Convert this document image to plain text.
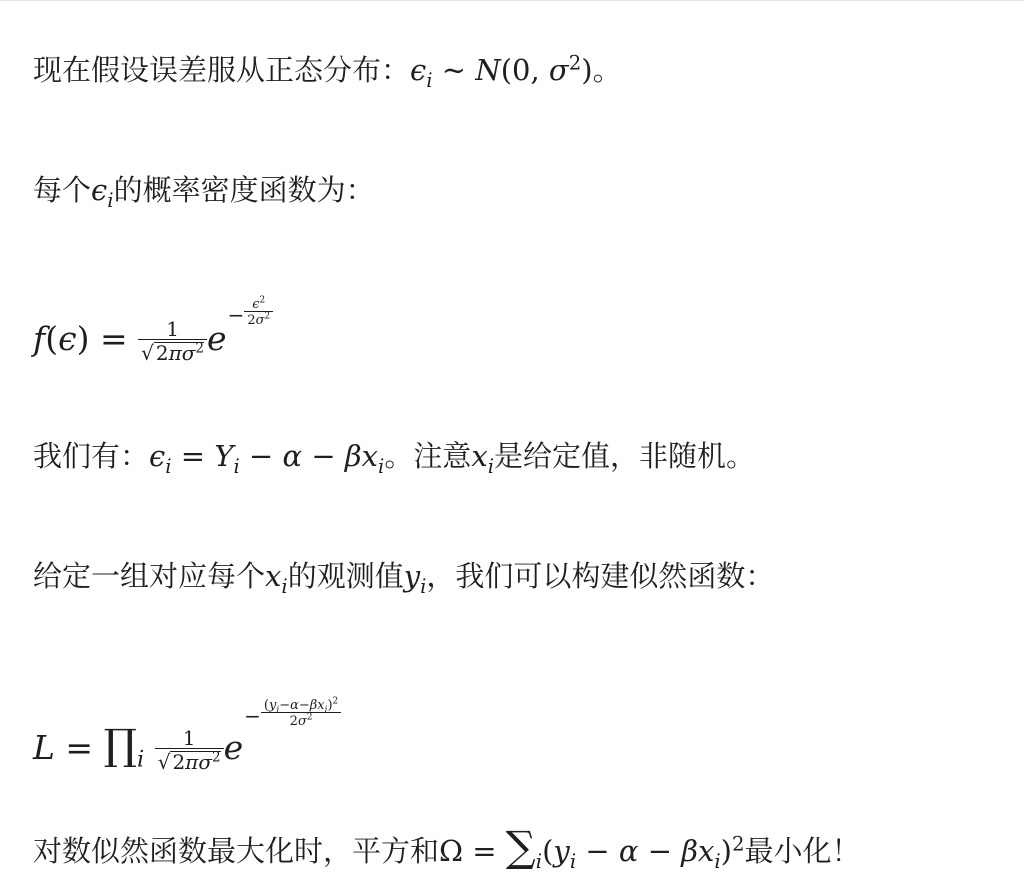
现在假设误差服从正态分布：$\epsilon_i$ ∼ N(0, $\sigma^2$)。
每个$\epsilon_i$的概率密度函数为：
$f(\epsilon) = \frac{1}{√ 2\pi\sigma^2} e- \frac{\epsilon^2}{2\sigma^2}$
我们有：$\epsilon_i = Y_i - \alpha - \beta x_i$。注意$x_i$是给定值，非随机。
给定一组对应每个$x_i$的观测值$y_i$，我们可以构建似然函数：
$L = \prod_i \frac{1}{√ 2\pi\sigma^2} e- \frac{(y_i-\alpha-\beta x_i)^2}{2\sigma^2}$
对数似然函数最大化时，平方和$\Omega = \sum_i(y_i - \alpha - \beta x_i)^2$最小化！
